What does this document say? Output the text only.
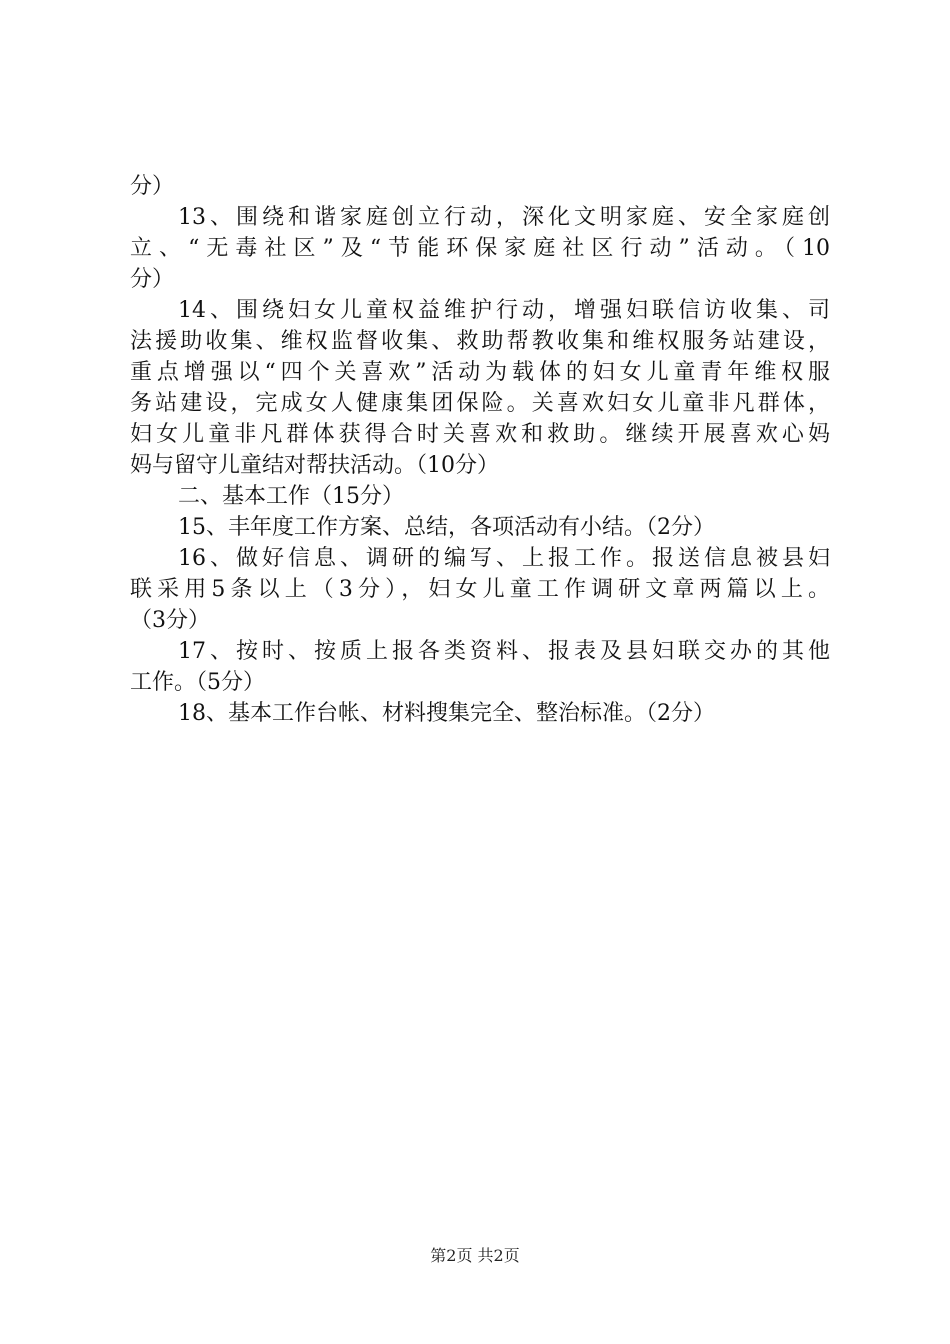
分）
13、围绕和谐家庭创立行动，深化文明家庭、安全家庭创
立、“无毒社区”及“节能环保家庭社区行动”活动。（10
分）
14、围绕妇女儿童权益维护行动，增强妇联信访收集、司
法援助收集、维权监督收集、救助帮教收集和维权服务站建设，
重点增强以“四个关喜欢”活动为载体的妇女儿童青年维权服
务站建设，完成女人健康集团保险。关喜欢妇女儿童非凡群体，
妇女儿童非凡群体获得合时关喜欢和救助。继续开展喜欢心妈
妈与留守儿童结对帮扶活动。（10分）
二、基本工作（15分）
15、丰年度工作方案、总结，各项活动有小结。（2分）
16、做好信息、调研的编写、上报工作。报送信息被县妇
联采用5条以上（3分），妇女儿童工作调研文章两篇以上。
（3分）
17、按时、按质上报各类资料、报表及县妇联交办的其他
工作。（5分）
18、基本工作台帐、材料搜集完全、整治标准。（2分）
第2页 共2页
